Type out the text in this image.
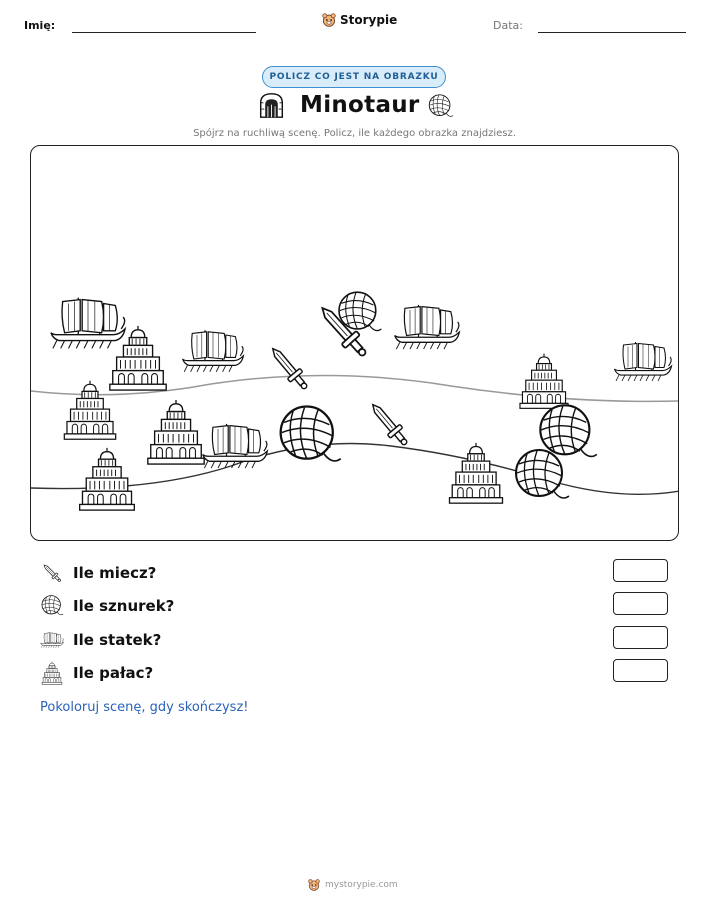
Imię:	Storypie	Data:
POLICZ CO JEST NA OBRAZKU
Minotaur
Spójrz na ruchliwą scenę. Policz, ile każdego obrazka znajdziesz.
Ile miecz?
Ile sznurek?
Ile statek?
Ile pałac?
Pokoloruj scenę, gdy skończysz!
mystorypie.com
